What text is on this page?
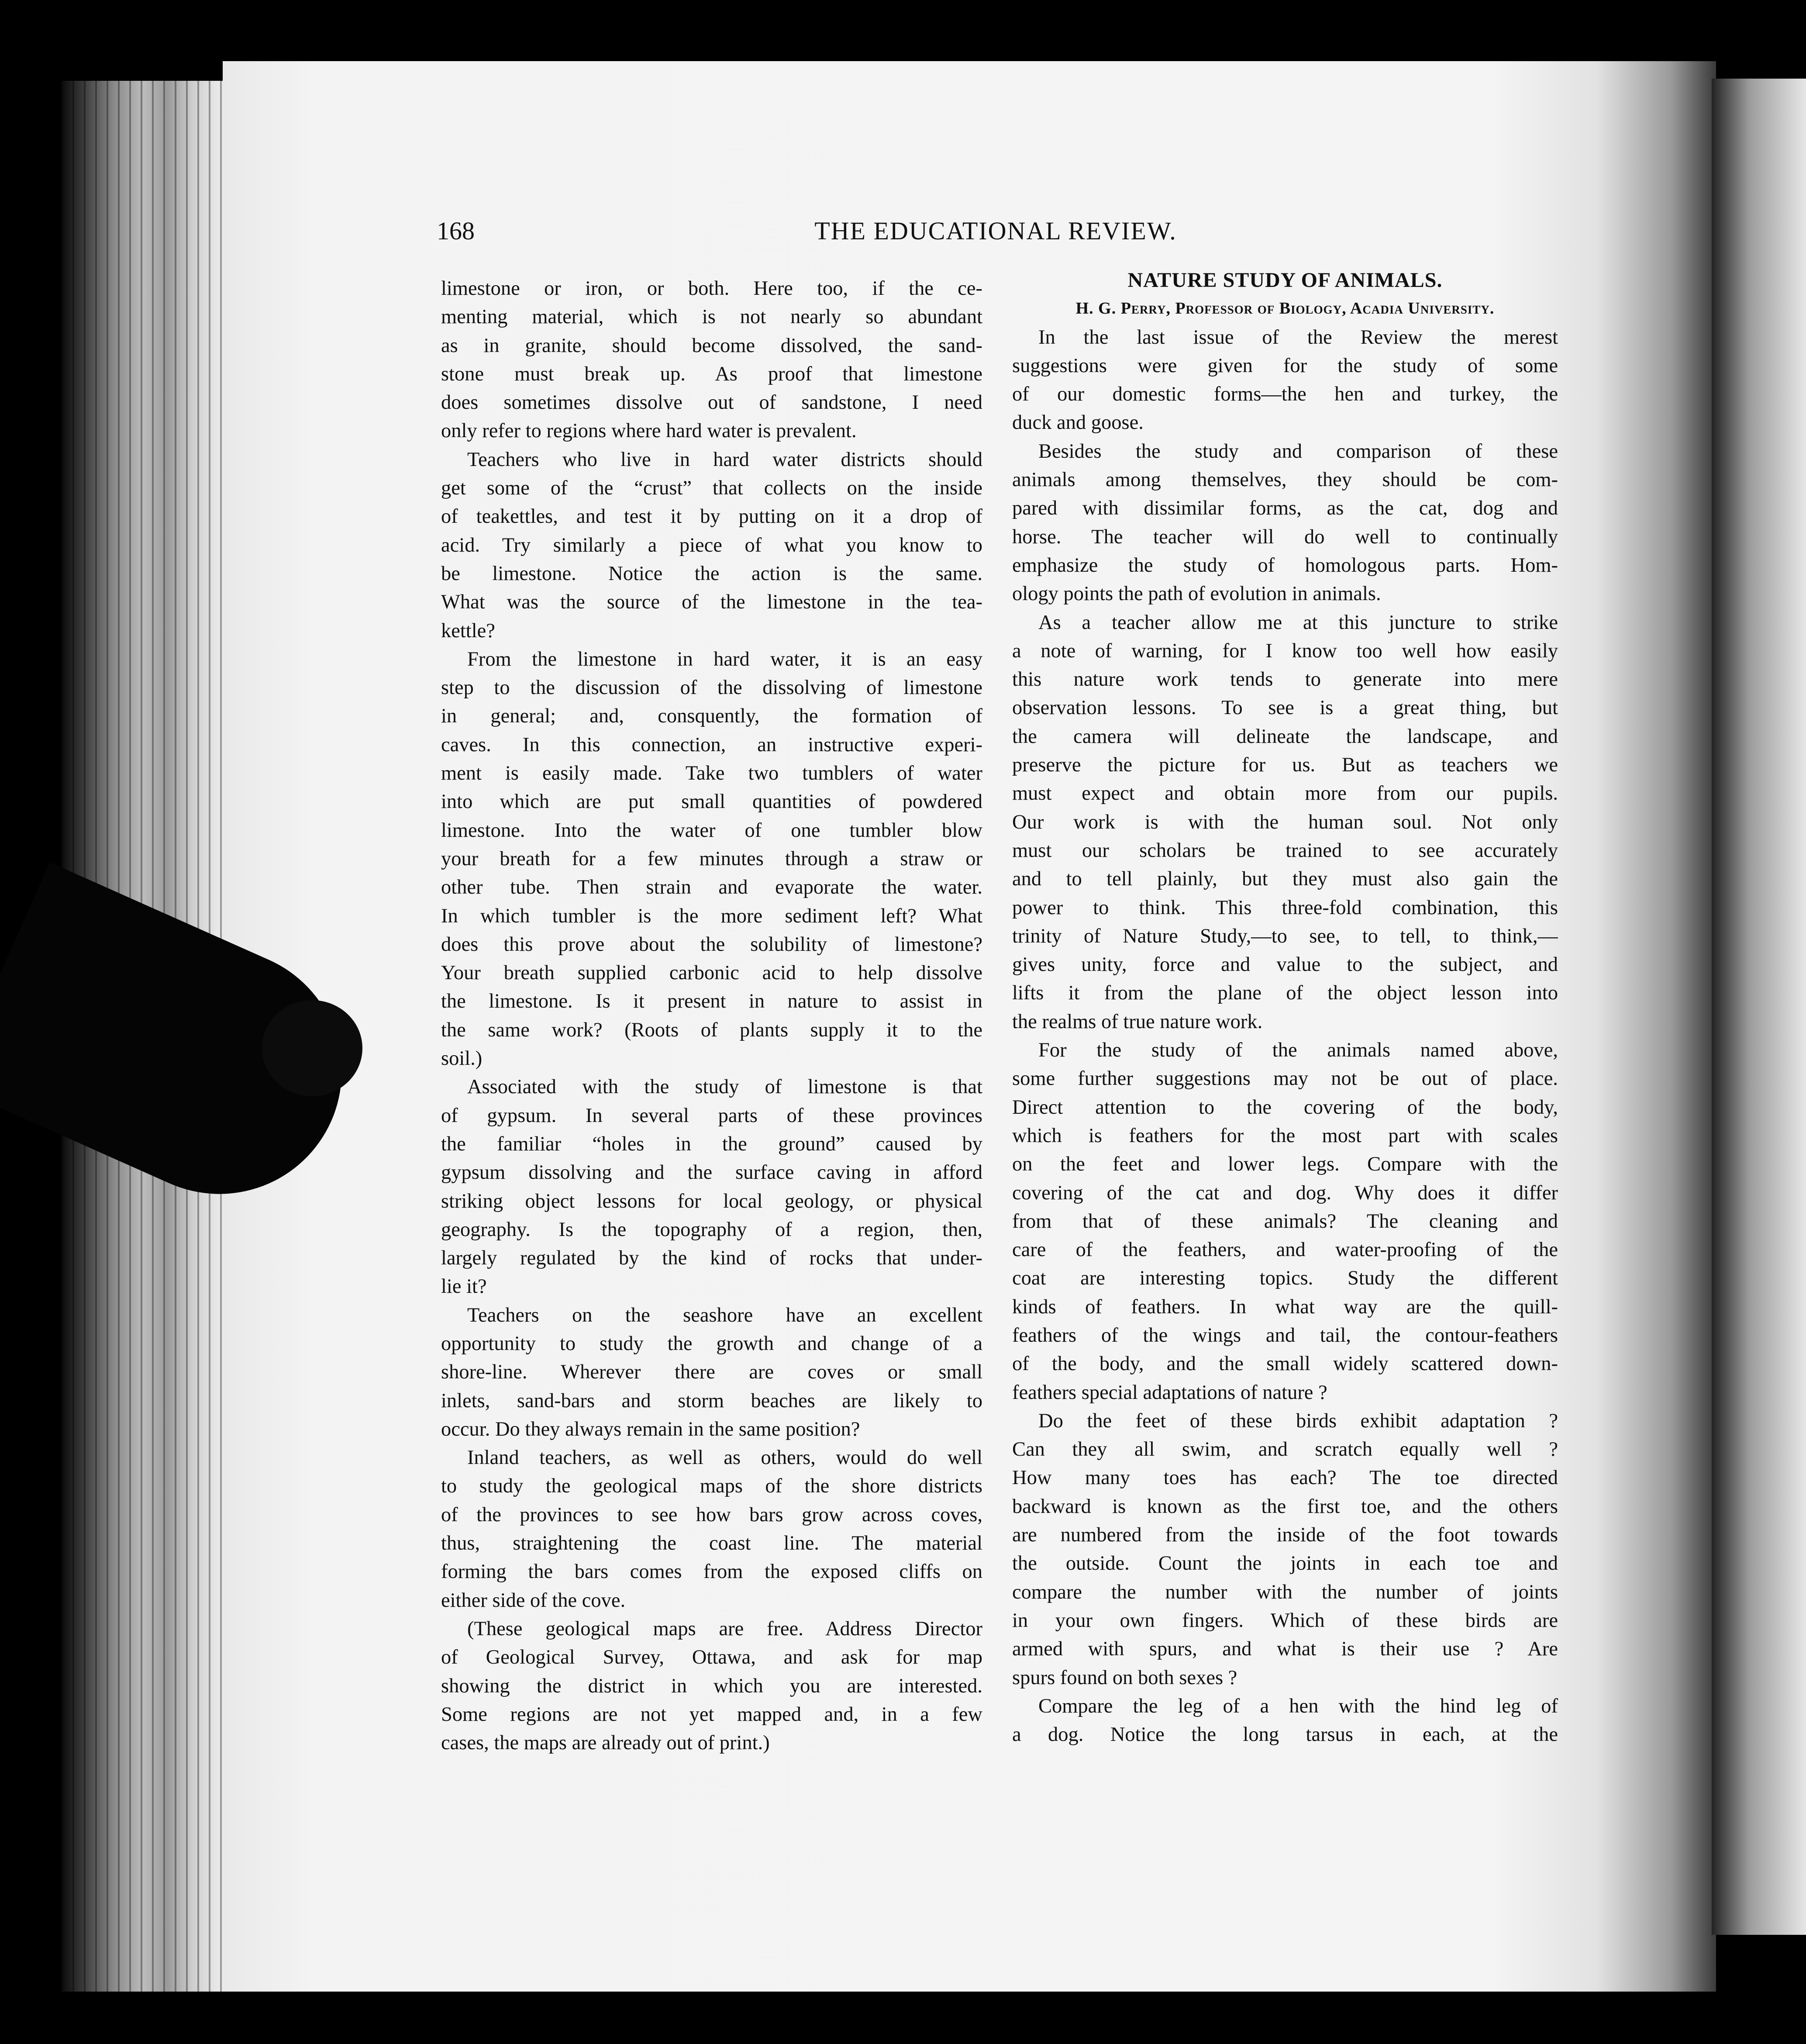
168	THE EDUCATIONAL REVIEW.
limestone or iron, or both. Here too, if the ce-
menting material, which is not nearly so abundant
as in granite, should become dissolved, the sand-
stone must break up. As proof that limestone
does sometimes dissolve out of sandstone, I need
only refer to regions where hard water is prevalent.
Teachers who live in hard water districts should
get some of the “crust” that collects on the inside
of teakettles, and test it by putting on it a drop of
acid. Try similarly a piece of what you know to
be limestone. Notice the action is the same.
What was the source of the limestone in the tea-
kettle?
From the limestone in hard water, it is an easy
step to the discussion of the dissolving of limestone
in general; and, consquently, the formation of
caves. In this connection, an instructive experi-
ment is easily made. Take two tumblers of water
into which are put small quantities of powdered
limestone. Into the water of one tumbler blow
your breath for a few minutes through a straw or
other tube. Then strain and evaporate the water.
In which tumbler is the more sediment left? What
does this prove about the solubility of limestone?
Your breath supplied carbonic acid to help dissolve
the limestone. Is it present in nature to assist in
the same work? (Roots of plants supply it to the
soil.)
Associated with the study of limestone is that
of gypsum. In several parts of these provinces
the familiar “holes in the ground” caused by
gypsum dissolving and the surface caving in afford
striking object lessons for local geology, or physical
geography. Is the topography of a region, then,
largely regulated by the kind of rocks that under-
lie it?
Teachers on the seashore have an excellent
opportunity to study the growth and change of a
shore-line. Wherever there are coves or small
inlets, sand-bars and storm beaches are likely to
occur. Do they always remain in the same position?
Inland teachers, as well as others, would do well
to study the geological maps of the shore districts
of the provinces to see how bars grow across coves,
thus, straightening the coast line. The material
forming the bars comes from the exposed cliffs on
either side of the cove.
(These geological maps are free. Address Director
of Geological Survey, Ottawa, and ask for map
showing the district in which you are interested.
Some regions are not yet mapped and, in a few
cases, the maps are already out of print.)
NATURE STUDY OF ANIMALS.
H. G. Perry, Professor of Biology, Acadia University.
In the last issue of the Review the merest
suggestions were given for the study of some
of our domestic forms—the hen and turkey, the
duck and goose.
Besides the study and comparison of these
animals among themselves, they should be com-
pared with dissimilar forms, as the cat, dog and
horse. The teacher will do well to continually
emphasize the study of homologous parts. Hom-
ology points the path of evolution in animals.
As a teacher allow me at this juncture to strike
a note of warning, for I know too well how easily
this nature work tends to generate into mere
observation lessons. To see is a great thing, but
the camera will delineate the landscape, and
preserve the picture for us. But as teachers we
must expect and obtain more from our pupils.
Our work is with the human soul. Not only
must our scholars be trained to see accurately
and to tell plainly, but they must also gain the
power to think. This three-fold combination, this
trinity of Nature Study,—to see, to tell, to think,—
gives unity, force and value to the subject, and
lifts it from the plane of the object lesson into
the realms of true nature work.
For the study of the animals named above,
some further suggestions may not be out of place.
Direct attention to the covering of the body,
which is feathers for the most part with scales
on the feet and lower legs. Compare with the
covering of the cat and dog. Why does it differ
from that of these animals? The cleaning and
care of the feathers, and water-proofing of the
coat are interesting topics. Study the different
kinds of feathers. In what way are the quill-
feathers of the wings and tail, the contour-feathers
of the body, and the small widely scattered down-
feathers special adaptations of nature ?
Do the feet of these birds exhibit adaptation ?
Can they all swim, and scratch equally well ?
How many toes has each? The toe directed
backward is known as the first toe, and the others
are numbered from the inside of the foot towards
the outside. Count the joints in each toe and
compare the number with the number of joints
in your own fingers. Which of these birds are
armed with spurs, and what is their use ? Are
spurs found on both sexes ?
Compare the leg of a hen with the hind leg of
a dog. Notice the long tarsus in each, at the
